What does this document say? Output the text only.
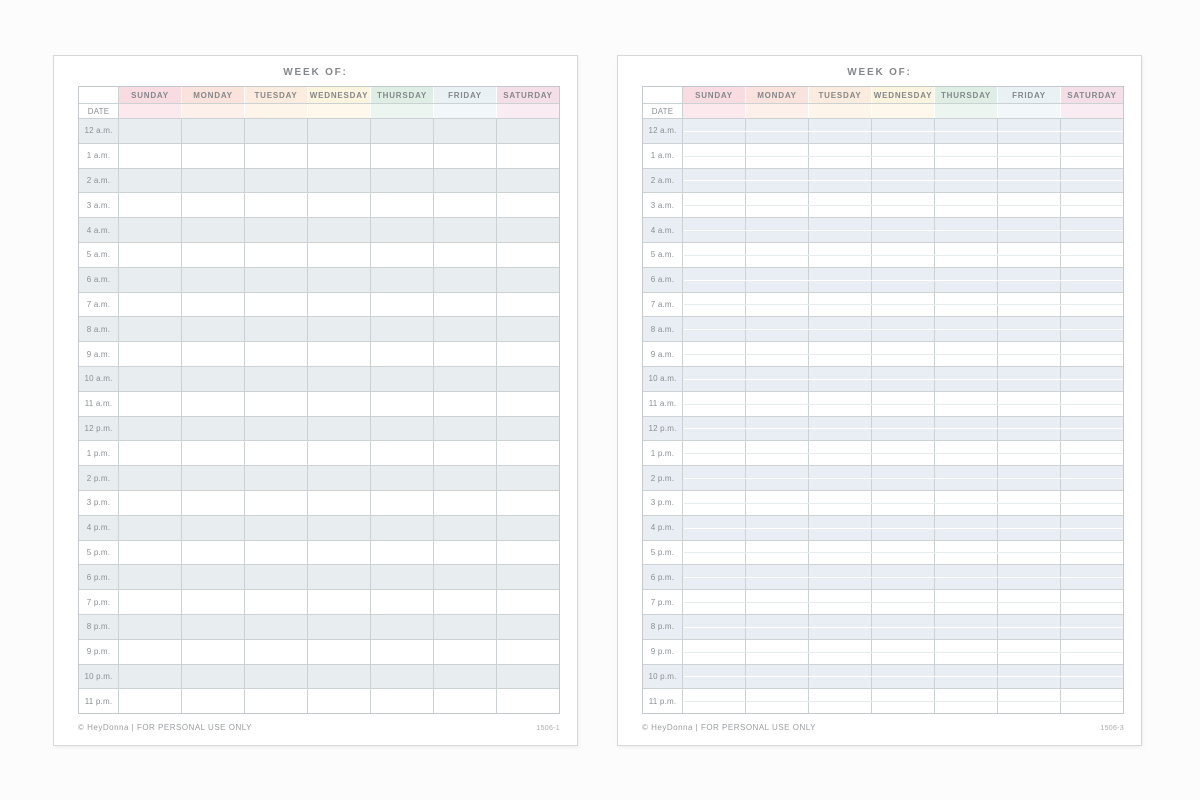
WEEK OF:
SUNDAY	MONDAY	TUESDAY	WEDNESDAY	THURSDAY	FRIDAY	SATURDAY
DATE
12 a.m.
1 a.m.
2 a.m.
3 a.m.
4 a.m.
5 a.m.
6 a.m.
7 a.m.
8 a.m.
9 a.m.
10 a.m.
11 a.m.
12 p.m.
1 p.m.
2 p.m.
3 p.m.
4 p.m.
5 p.m.
6 p.m.
7 p.m.
8 p.m.
9 p.m.
10 p.m.
11 p.m.
© HeyDonna | FOR PERSONAL USE ONLY	1506-1
WEEK OF:
SUNDAY	MONDAY	TUESDAY	WEDNESDAY	THURSDAY	FRIDAY	SATURDAY
DATE
12 a.m.
1 a.m.
2 a.m.
3 a.m.
4 a.m.
5 a.m.
6 a.m.
7 a.m.
8 a.m.
9 a.m.
10 a.m.
11 a.m.
12 p.m.
1 p.m.
2 p.m.
3 p.m.
4 p.m.
5 p.m.
6 p.m.
7 p.m.
8 p.m.
9 p.m.
10 p.m.
11 p.m.
© HeyDonna | FOR PERSONAL USE ONLY	1506-3
